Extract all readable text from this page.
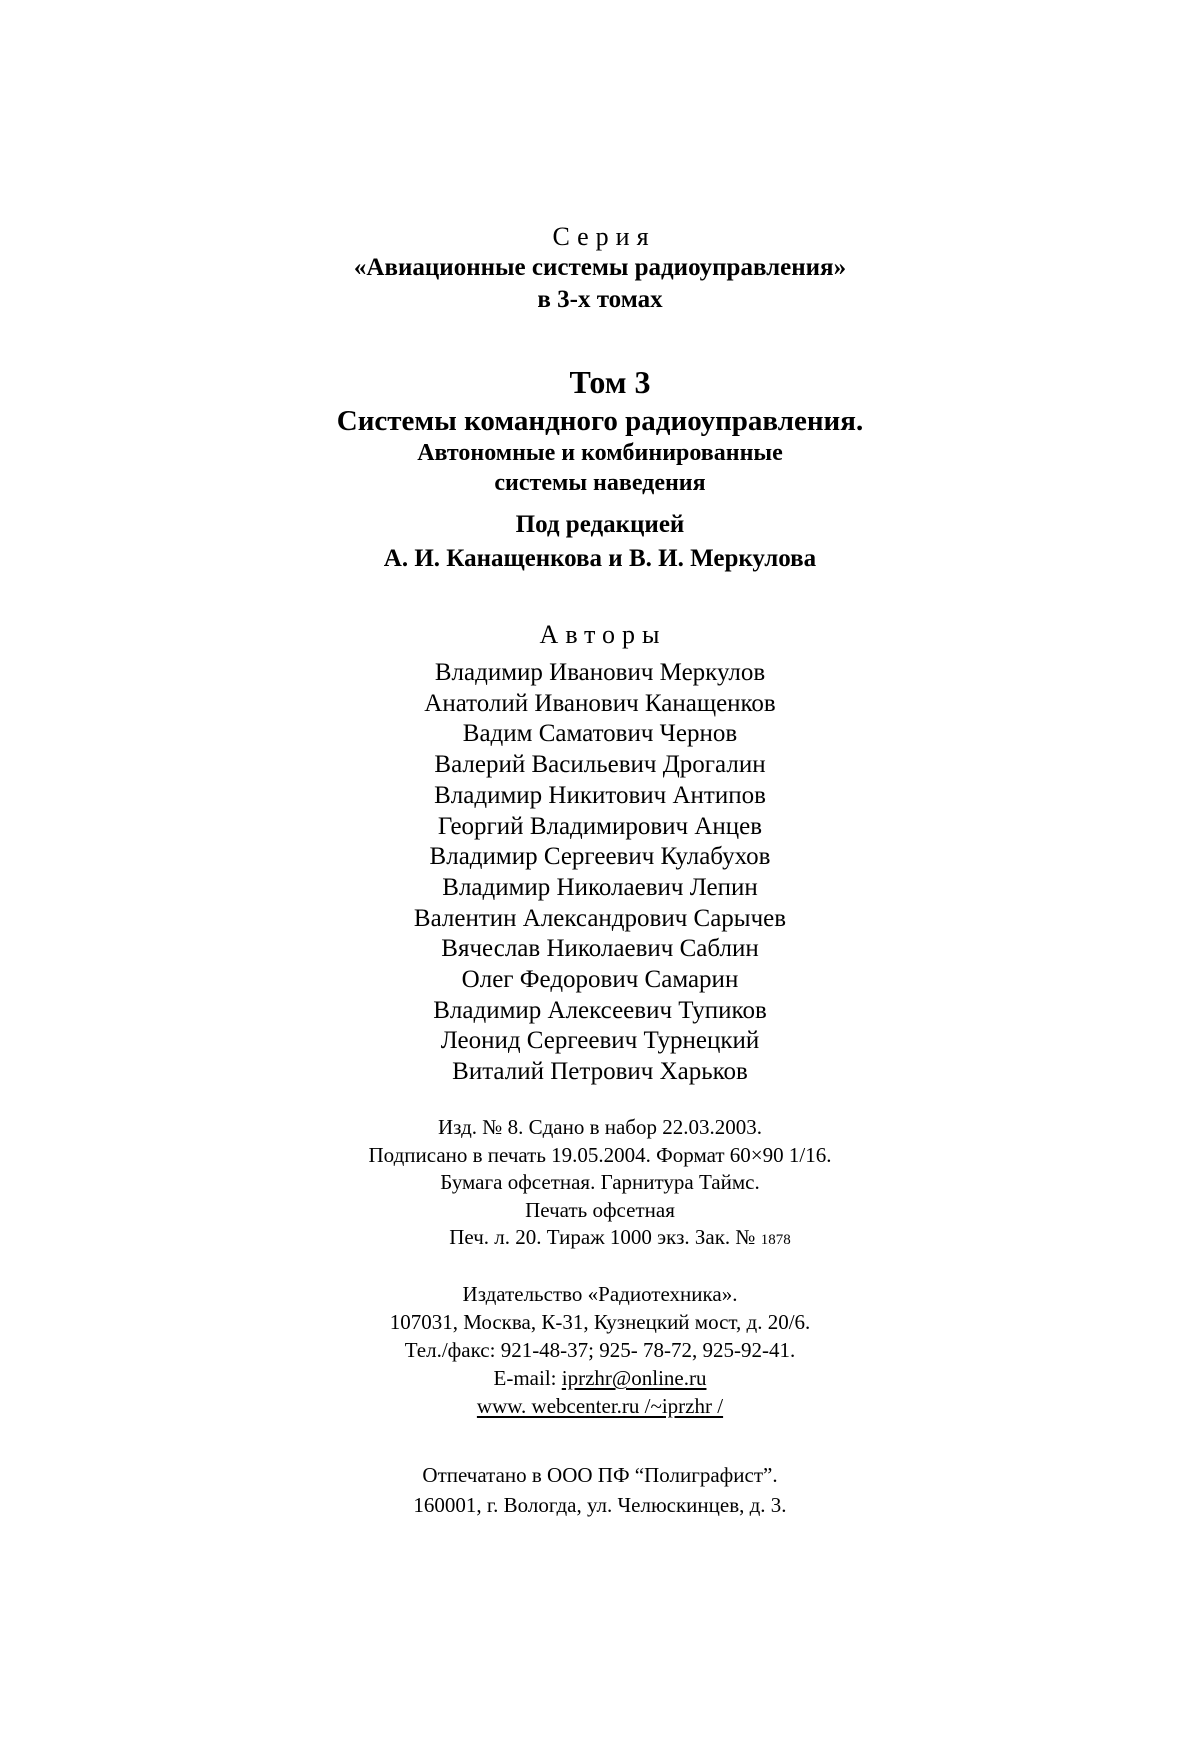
Серия
«Авиационные системы радиоуправления»
в 3-х томах
Том 3
Системы командного радиоуправления.
Автономные и комбинированные
системы наведения
Под редакцией
А. И. Канащенкова и В. И. Меркулова
Авторы
Владимир Иванович Меркулов
Анатолий Иванович Канащенков
Вадим Саматович Чернов
Валерий Васильевич Дрогалин
Владимир Никитович Антипов
Георгий Владимирович Анцев
Владимир Сергеевич Кулабухов
Владимир Николаевич Лепин
Валентин Александрович Сарычев
Вячеслав Николаевич Саблин
Олег Федорович Самарин
Владимир Алексеевич Тупиков
Леонид Сергеевич Турнецкий
Виталий Петрович Харьков
Изд. № 8. Сдано в набор 22.03.2003.
Подписано в печать 19.05.2004. Формат 60×90 1/16.
Бумага офсетная. Гарнитура Таймс.
Печать офсетная
Печ. л. 20. Тираж 1000 экз. Зак. № 1878
Издательство «Радиотехника».
107031, Москва, К-31, Кузнецкий мост, д. 20/6.
Тел./факс: 921-48-37; 925- 78-72, 925-92-41.
E-mail: iprzhr@online.ru
www. webcenter.ru /~iprzhr /
Отпечатано в ООО ПФ “Полиграфист”.
160001, г. Вологда, ул. Челюскинцев, д. 3.
